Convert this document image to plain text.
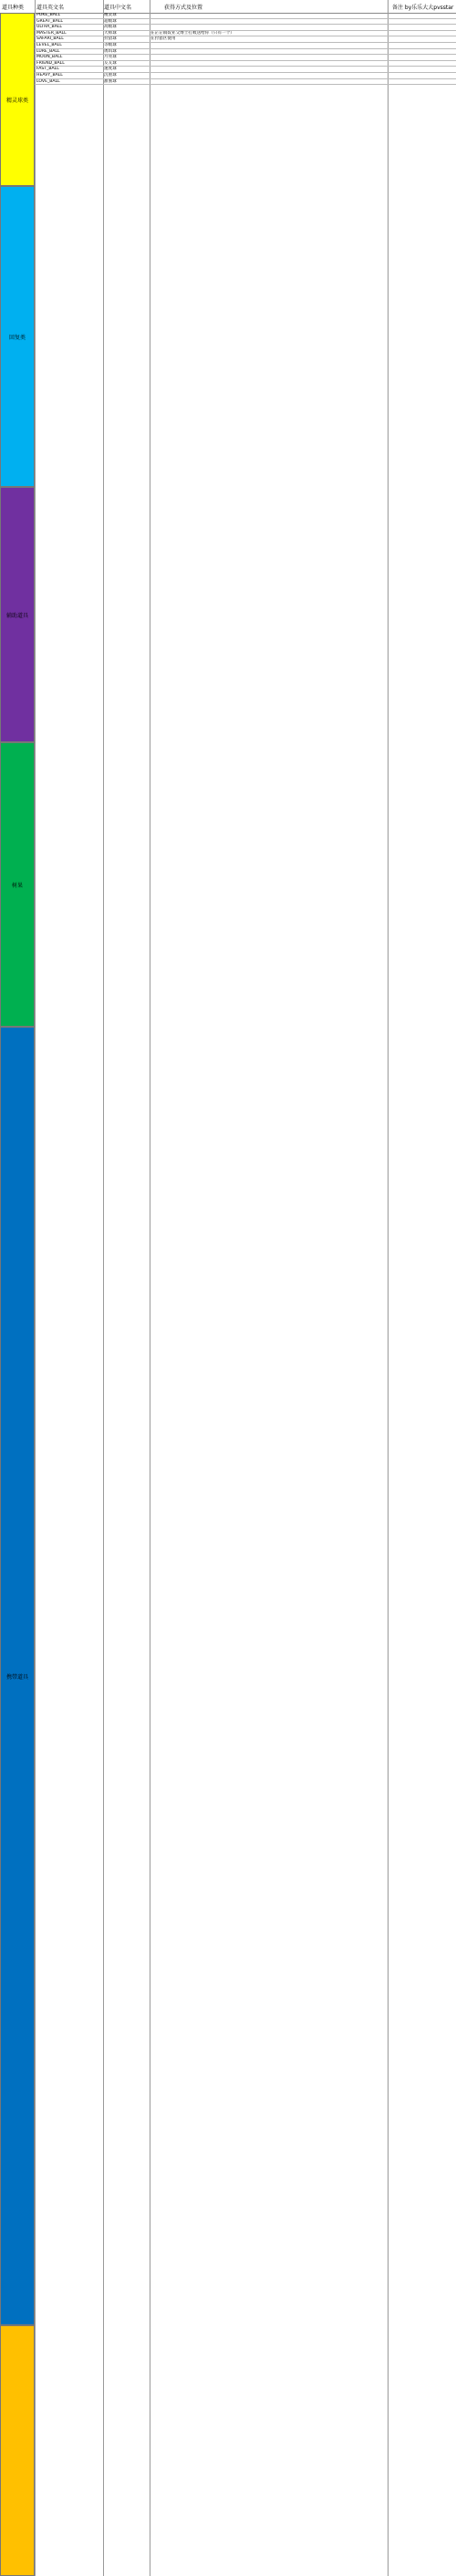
道具种类 道具英文名	道具中文名	获得方式及位置	备注 by乐乐大大pvsstar
精灵球类
回复类
辅助道具
树果
携带道具
POKE_BALL	精灵球
GREAT_BALL	超级球
ULTRA_BALL	高级球
MASTER_BALL	大师球	在茫茫镇奴亚父博士打败送给你（只有一个）
SAFARI_BALL	狩猎球	在狩猎区使用
LEVEL_BALL	等级球
LURE_BALL	诱饵球
MOON_BALL	月亮球
FRIEND_BALL	友友球
FAST_BALL	速度球
HEAVY_BALL	沉重球
LOVE_BALL	甜蜜球
